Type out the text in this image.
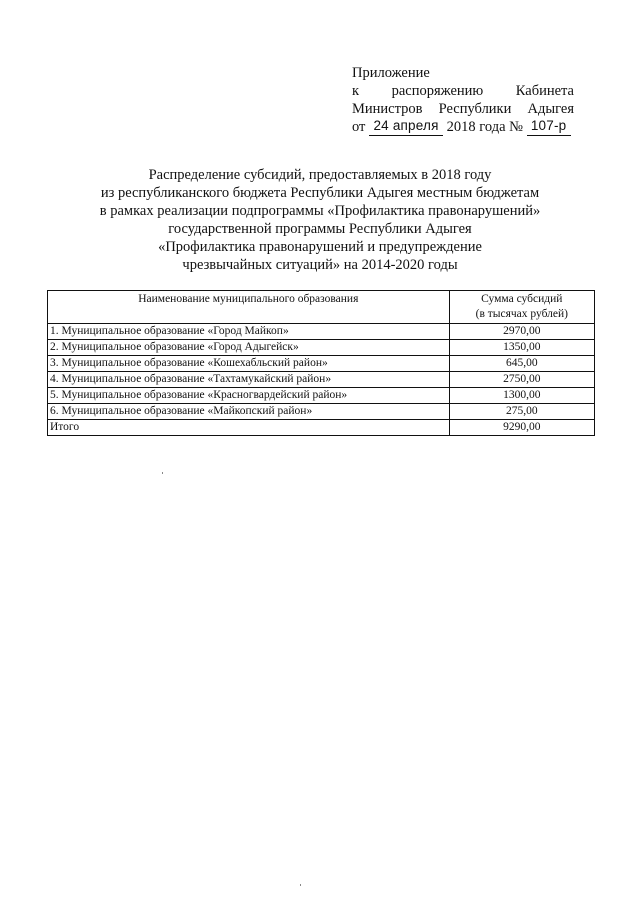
Приложение
к распоряжению Кабинета
Министров Республики Адыгея
от
24 апреля
2018 года №
107-р
Распределение субсидий, предоставляемых в 2018 году
из республиканского бюджета Республики Адыгея местным бюджетам
в рамках реализации подпрограммы «Профилактика правонарушений»
государственной программы Республики Адыгея
«Профилактика правонарушений и предупреждение
чрезвычайных ситуаций» на 2014-2020 годы
Наименование муниципального образования	Сумма субсидий
(в тысячах рублей)

1. Муниципальное образование «Город Майкоп»	2970,00
2. Муниципальное образование «Город Адыгейск»	1350,00
3. Муниципальное образование «Кошехабльский район»	645,00
4. Муниципальное образование «Тахтамукайский район»	2750,00
5. Муниципальное образование «Красногвардейский район»	1300,00
6. Муниципальное образование «Майкопский район»	275,00
Итого	9290,00
